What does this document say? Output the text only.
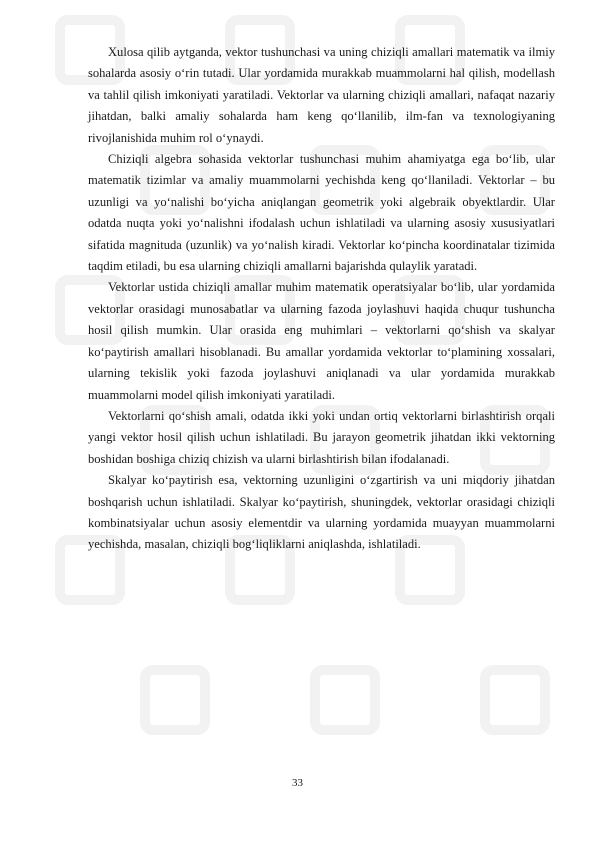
Xulosa qilib aytganda, vektor tushunchasi va uning chiziqli amallari matematik va ilmiy sohalarda asosiy o‘rin tutadi. Ular yordamida murakkab muammolarni hal qilish, modellash va tahlil qilish imkoniyati yaratiladi. Vektorlar va ularning chiziqli amallari, nafaqat nazariy jihatdan, balki amaliy sohalarda ham keng qo‘llanilib, ilm-fan va texnologiyaning rivojlanishida muhim rol o‘ynaydi.

Chiziqli algebra sohasida vektorlar tushunchasi muhim ahamiyatga ega bo‘lib, ular matematik tizimlar va amaliy muammolarni yechishda keng qo‘llaniladi. Vektorlar – bu uzunligi va yo‘nalishi bo‘yicha aniqlangan geometrik yoki algebraik obyektlardir. Ular odatda nuqta yoki yo‘nalishni ifodalash uchun ishlatiladi va ularning asosiy xususiyatlari sifatida magnituda (uzunlik) va yo‘nalish kiradi. Vektorlar ko‘pincha koordinatalar tizimida taqdim etiladi, bu esa ularning chiziqli amallarni bajarishda qulaylik yaratadi.

Vektorlar ustida chiziqli amallar muhim matematik operatsiyalar bo‘lib, ular yordamida vektorlar orasidagi munosabatlar va ularning fazoda joylashuvi haqida chuqur tushuncha hosil qilish mumkin. Ular orasida eng muhimlari – vektorlarni qo‘shish va skalyar ko‘paytirish amallari hisoblanadi. Bu amallar yordamida vektorlar to‘plamining xossalari, ularning tekislik yoki fazoda joylashuvi aniqlanadi va ular yordamida murakkab muammolarni model qilish imkoniyati yaratiladi.

Vektorlarni qo‘shish amali, odatda ikki yoki undan ortiq vektorlarni birlashtirish orqali yangi vektor hosil qilish uchun ishlatiladi. Bu jarayon geometrik jihatdan ikki vektorning boshidan boshiga chiziq chizish va ularni birlashtirish bilan ifodalanadi.

Skalyar ko‘paytirish esa, vektorning uzunligini o‘zgartirish va uni miqdoriy jihatdan boshqarish uchun ishlatiladi. Skalyar ko‘paytirish, shuningdek, vektorlar orasidagi chiziqli kombinatsiyalar uchun asosiy elementdir va ularning yordamida muayyan muammolarni yechishda, masalan, chiziqli bog‘liqliklarni aniqlashda, ishlatiladi.

33
